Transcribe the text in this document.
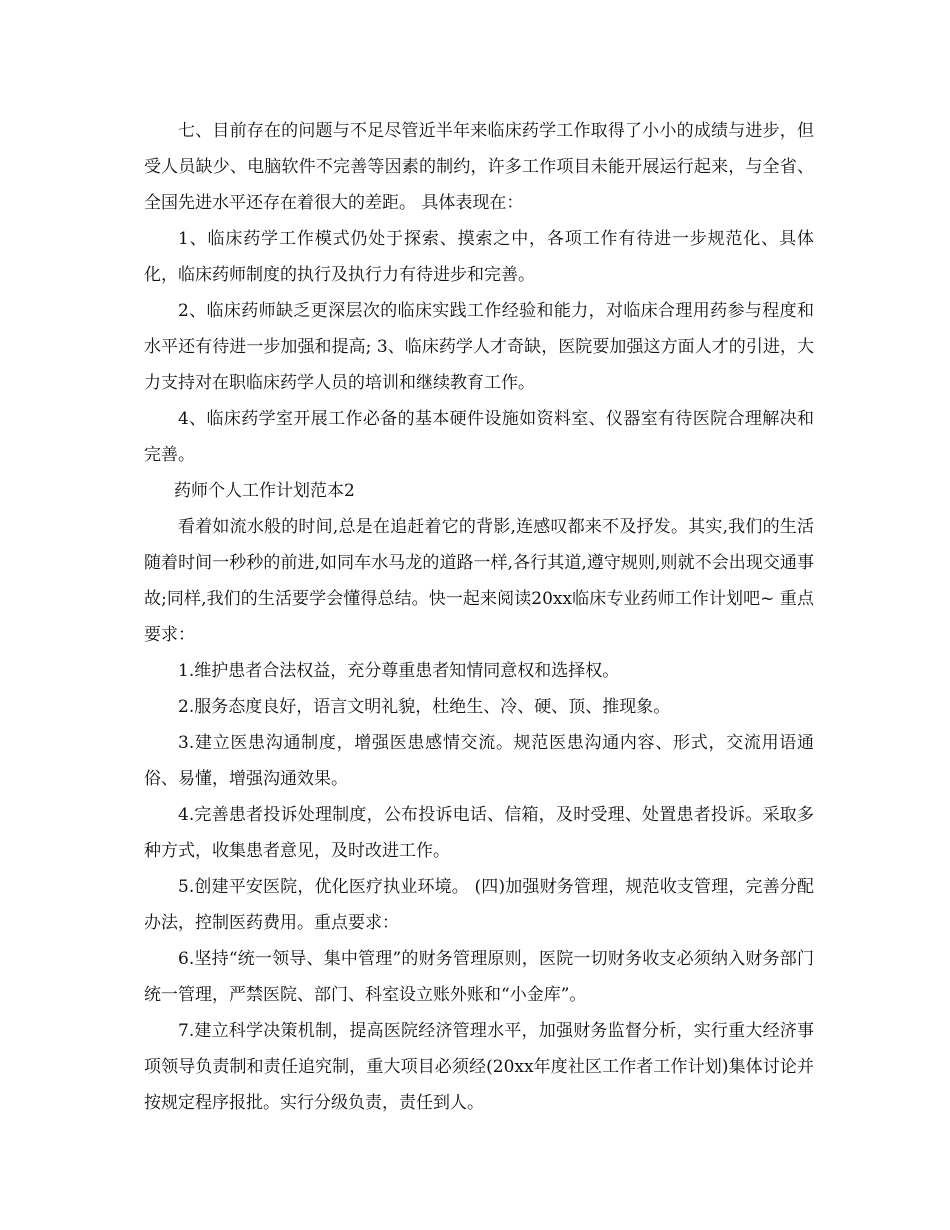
七、目前存在的问题与不足尽管近半年来临床药学工作取得了小小的成绩与进步，但受人员缺少、电脑软件不完善等因素的制约，许多工作项目未能开展运行起来，与全省、全国先进水平还存在着很大的差距。 具体表现在：

1、临床药学工作模式仍处于探索、摸索之中，各项工作有待进一步规范化、具体化，临床药师制度的执行及执行力有待进步和完善。

2、临床药师缺乏更深层次的临床实践工作经验和能力，对临床合理用药参与程度和水平还有待进一步加强和提高; 3、临床药学人才奇缺，医院要加强这方面人才的引进，大力支持对在职临床药学人员的培训和继续教育工作。

4、临床药学室开展工作必备的基本硬件设施如资料室、仪器室有待医院合理解决和完善。

药师个人工作计划范本2

看着如流水般的时间,总是在追赶着它的背影,连感叹都来不及抒发。其实,我们的生活随着时间一秒秒的前进,如同车水马龙的道路一样,各行其道,遵守规则,则就不会出现交通事故;同样,我们的生活要学会懂得总结。快一起来阅读20xx临床专业药师工作计划吧~ 重点要求：

1.维护患者合法权益，充分尊重患者知情同意权和选择权。

2.服务态度良好，语言文明礼貌，杜绝生、冷、硬、顶、推现象。

3.建立医患沟通制度，增强医患感情交流。规范医患沟通内容、形式，交流用语通俗、易懂，增强沟通效果。

4.完善患者投诉处理制度，公布投诉电话、信箱，及时受理、处置患者投诉。采取多种方式，收集患者意见，及时改进工作。

5.创建平安医院，优化医疗执业环境。 (四)加强财务管理，规范收支管理，完善分配办法，控制医药费用。重点要求：

6.坚持“统一领导、集中管理”的财务管理原则，医院一切财务收支必须纳入财务部门统一管理，严禁医院、部门、科室设立账外账和“小金库”。

7.建立科学决策机制，提高医院经济管理水平，加强财务监督分析，实行重大经济事项领导负责制和责任追究制，重大项目必须经(20xx年度社区工作者工作计划)集体讨论并按规定程序报批。实行分级负责，责任到人。
